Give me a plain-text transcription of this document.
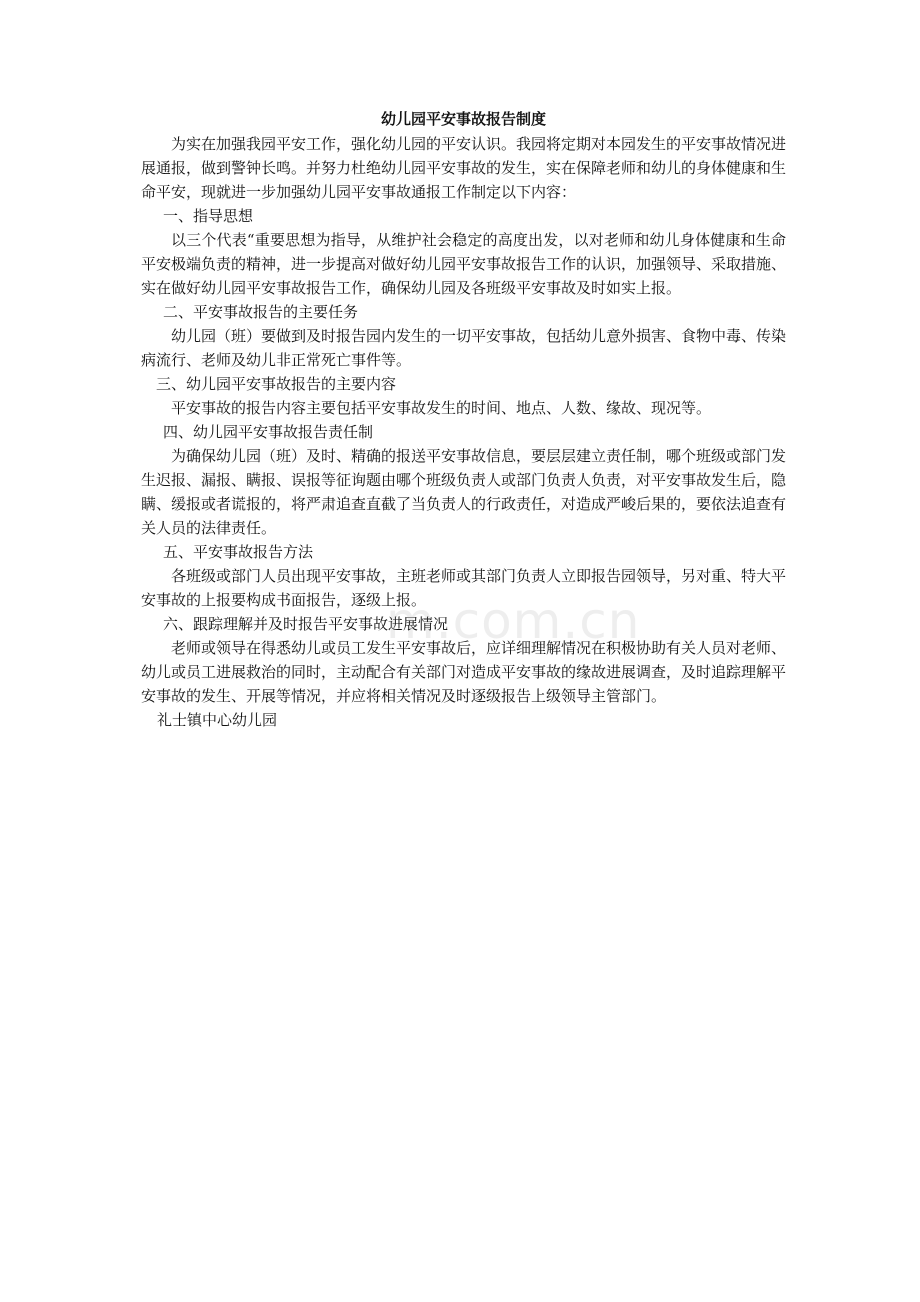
幼儿园平安事故报告制度

为实在加强我园平安工作，强化幼儿园的平安认识。我园将定期对本园发生的平安事故情况进展通报，做到警钟长鸣。并努力杜绝幼儿园平安事故的发生，实在保障老师和幼儿的身体健康和生命平安，现就进一步加强幼儿园平安事故通报工作制定以下内容：

一、指导思想

以三个代表“重要思想为指导，从维护社会稳定的高度出发，以对老师和幼儿身体健康和生命平安极端负责的精神，进一步提高对做好幼儿园平安事故报告工作的认识，加强领导、采取措施、实在做好幼儿园平安事故报告工作，确保幼儿园及各班级平安事故及时如实上报。

二、平安事故报告的主要任务

幼儿园（班）要做到及时报告园内发生的一切平安事故，包括幼儿意外损害、食物中毒、传染病流行、老师及幼儿非正常死亡事件等。

三、幼儿园平安事故报告的主要内容

平安事故的报告内容主要包括平安事故发生的时间、地点、人数、缘故、现况等。

四、幼儿园平安事故报告责任制

为确保幼儿园（班）及时、精确的报送平安事故信息，要层层建立责任制，哪个班级或部门发生迟报、漏报、瞒报、误报等征询题由哪个班级负责人或部门负责人负责，对平安事故发生后，隐瞒、缓报或者谎报的，将严肃追查直截了当负责人的行政责任，对造成严峻后果的，要依法追查有关人员的法律责任。

五、平安事故报告方法

各班级或部门人员出现平安事故，主班老师或其部门负责人立即报告园领导，另对重、特大平安事故的上报要构成书面报告，逐级上报。

六、跟踪理解并及时报告平安事故进展情况

老师或领导在得悉幼儿或员工发生平安事故后，应详细理解情况在积极协助有关人员对老师、幼儿或员工进展救治的同时，主动配合有关部门对造成平安事故的缘故进展调查，及时追踪理解平安事故的发生、开展等情况，并应将相关情况及时逐级报告上级领导主管部门。

礼士镇中心幼儿园
m.com.cn
